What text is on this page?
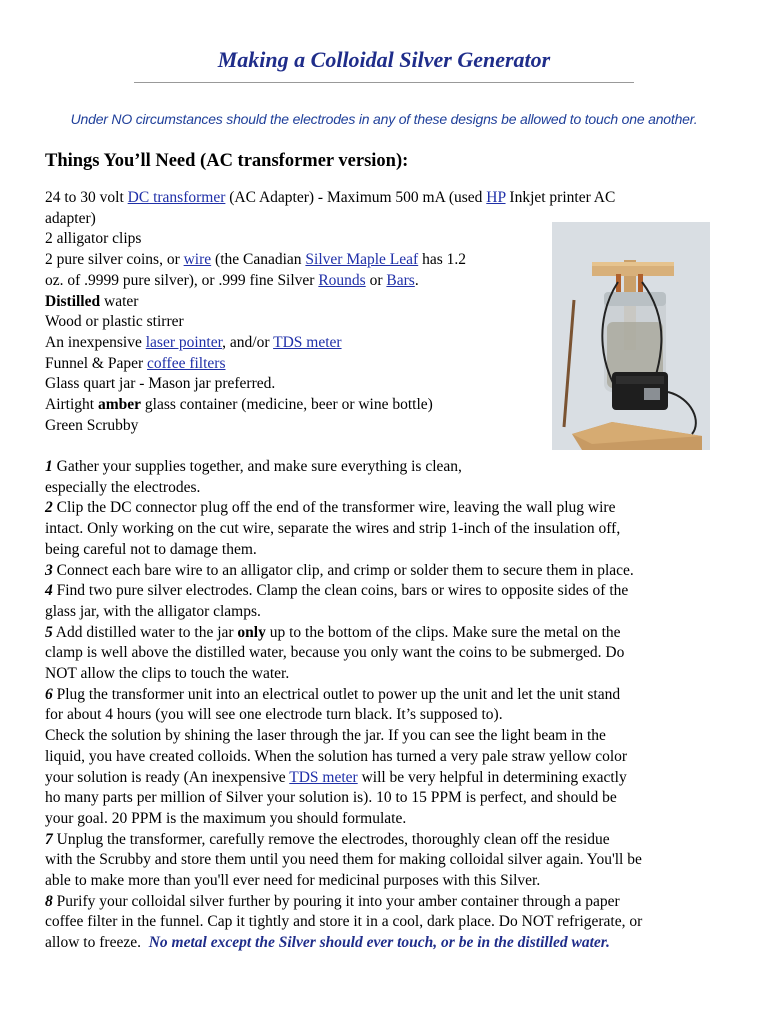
Making a Colloidal Silver Generator
Under NO circumstances should the electrodes in any of these designs be allowed to touch one another.
Things You’ll Need (AC transformer version):
24 to 30 volt DC transformer (AC Adapter) - Maximum 500 mA (used HP Inkjet printer AC
adapter)
2 alligator clips
2 pure silver coins, or wire (the Canadian Silver Maple Leaf has 1.2
oz. of .9999 pure silver), or .999 fine Silver Rounds or Bars.
Distilled water
Wood or plastic stirrer
An inexpensive laser pointer, and/or TDS meter
Funnel & Paper coffee filters
Glass quart jar - Mason jar preferred.
Airtight amber glass container (medicine, beer or wine bottle)
Green Scrubby
1 Gather your supplies together, and make sure everything is clean,
especially the electrodes.
2 Clip the DC connector plug off the end of the transformer wire, leaving the wall plug wire
intact. Only working on the cut wire, separate the wires and strip 1-inch of the insulation off,
being careful not to damage them.
3 Connect each bare wire to an alligator clip, and crimp or solder them to secure them in place.
4 Find two pure silver electrodes. Clamp the clean coins, bars or wires to opposite sides of the
glass jar, with the alligator clamps.
5 Add distilled water to the jar only up to the bottom of the clips. Make sure the metal on the
clamp is well above the distilled water, because you only want the coins to be submerged. Do
NOT allow the clips to touch the water.
6 Plug the transformer unit into an electrical outlet to power up the unit and let the unit stand
for about 4 hours (you will see one electrode turn black. It’s supposed to).
Check the solution by shining the laser through the jar. If you can see the light beam in the
liquid, you have created colloids. When the solution has turned a very pale straw yellow color
your solution is ready (An inexpensive TDS meter will be very helpful in determining exactly
ho many parts per million of Silver your solution is). 10 to 15 PPM is perfect, and should be
your goal. 20 PPM is the maximum you should formulate.
7 Unplug the transformer, carefully remove the electrodes, thoroughly clean off the residue
with the Scrubby and store them until you need them for making colloidal silver again. You'll be
able to make more than you'll ever need for medicinal purposes with this Silver.
8 Purify your colloidal silver further by pouring it into your amber container through a paper
coffee filter in the funnel. Cap it tightly and store it in a cool, dark place. Do NOT refrigerate, or
allow to freeze.  No metal except the Silver should ever touch, or be in the distilled water.
